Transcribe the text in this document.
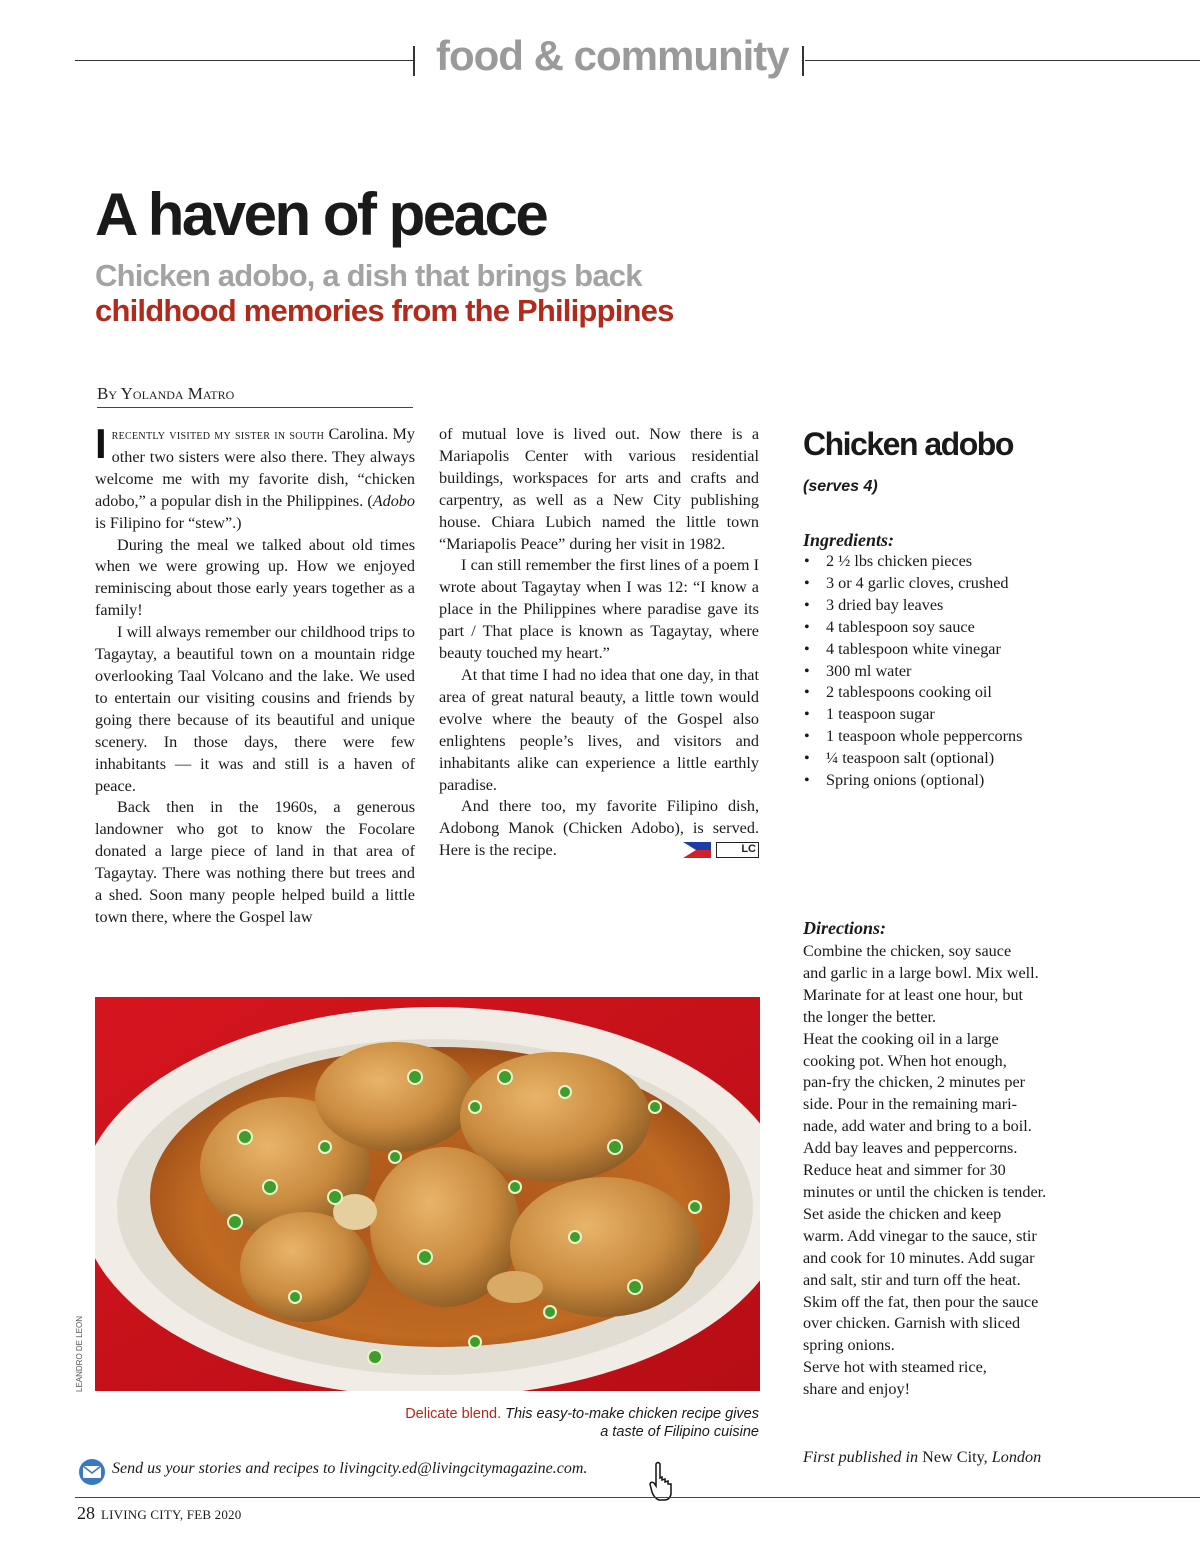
food & community
A haven of peace
Chicken adobo, a dish that brings back
childhood memories from the Philippines
By Yolanda Matro

Irecently visited my sister in south Carolina. My other two sisters were also there. They always welcome me with my favorite dish, “chicken adobo,” a popular dish in the Philippines. (Adobo is Filipino for “stew”.)

During the meal we talked about old times when we were growing up. How we enjoyed reminiscing about those early years together as a family!

I will always remember our childhood trips to Tagaytay, a beautiful town on a mountain ridge overlooking Taal Volcano and the lake. We used to entertain our visiting cousins and friends by going there because of its beautiful and unique scenery. In those days, there were few inhabitants — it was and still is a haven of peace.

Back then in the 1960s, a generous landowner who got to know the Focolare donated a large piece of land in that area of Tagaytay. There was nothing there but trees and a shed. Soon many people helped build a little town there, where the Gospel law

of mutual love is lived out. Now there is a Mariapolis Center with various residential buildings, workspaces for arts and crafts and carpentry, as well as a New City publishing house. Chiara Lubich named the little town “Mariapolis Peace” during her visit in 1982.

I can still remember the first lines of a poem I wrote about Tagaytay when I was 12: “I know a place in the Philippines where paradise gave its part / That place is known as Tagaytay, where beauty touched my heart.”

At that time I had no idea that one day, in that area of great natural beauty, a little town would evolve where the beauty of the Gospel also enlightens people’s lives, and visitors and inhabitants alike can experience a little earthly paradise.

And there too, my favorite Filipino dish, Adobong Manok (Chicken Adobo), is served. Here is the recipe.	LC

Chicken adobo
(serves 4)
Ingredients:
• 2 ½ lbs chicken pieces
• 3 or 4 garlic cloves, crushed
• 3 dried bay leaves
• 4 tablespoon soy sauce
• 4 tablespoon white vinegar
• 300 ml water
• 2 tablespoons cooking oil
• 1 teaspoon sugar
• 1 teaspoon whole peppercorns
• ¼ teaspoon salt (optional)
• Spring onions (optional)
Directions:
Combine the chicken, soy sauce
and garlic in a large bowl. Mix well.
Marinate for at least one hour, but
the longer the better.
Heat the cooking oil in a large
cooking pot. When hot enough,
pan-fry the chicken, 2 minutes per
side. Pour in the remaining mari-
nade, add water and bring to a boil.
Add bay leaves and peppercorns.
Reduce heat and simmer for 30
minutes or until the chicken is tender.
Set aside the chicken and keep
warm. Add vinegar to the sauce, stir
and cook for 10 minutes. Add sugar
and salt, stir and turn off the heat.
Skim off the fat, then pour the sauce
over chicken. Garnish with sliced
spring onions.
Serve hot with steamed rice,
share and enjoy!
First published in New City, London
LEANDRO DE LEON
Delicate blend. This easy-to-make chicken recipe gives a taste of Filipino cuisine
Send us your stories and recipes to livingcity.ed@livingcitymagazine.com.
28 LIVING CITY, FEB 2020
